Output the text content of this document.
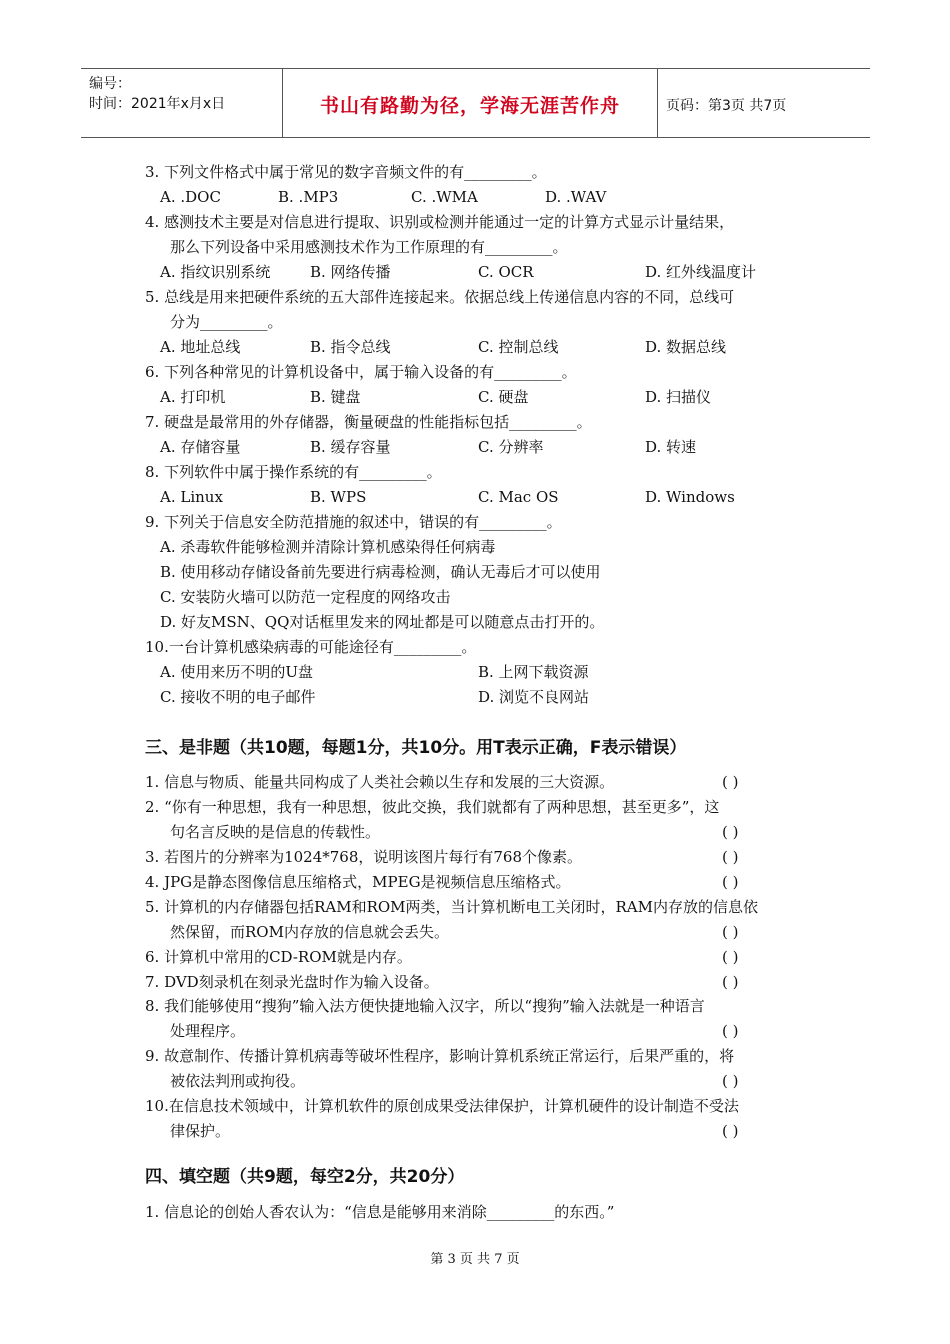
编号：
时间：2021年x月x日	书山有路勤为径，学海无涯苦作舟	页码：第3页 共7页
3. 下列文件格式中属于常见的数字音频文件的有_________。
A. .DOC	B. .MP3	C. .WMA	D. .WAV
4. 感测技术主要是对信息进行提取、识别或检测并能通过一定的计算方式显示计量结果，
那么下列设备中采用感测技术作为工作原理的有_________。
A. 指纹识别系统	B. 网络传播	C. OCR	D. 红外线温度计
5. 总线是用来把硬件系统的五大部件连接起来。依据总线上传递信息内容的不同，总线可
分为_________。
A. 地址总线	B. 指令总线	C. 控制总线	D. 数据总线
6. 下列各种常见的计算机设备中，属于输入设备的有_________。
A. 打印机	B. 键盘	C. 硬盘	D. 扫描仪
7. 硬盘是最常用的外存储器，衡量硬盘的性能指标包括_________。
A. 存储容量	B. 缓存容量	C. 分辨率	D. 转速
8. 下列软件中属于操作系统的有_________。
A. Linux	B. WPS	C. Mac OS	D. Windows
9. 下列关于信息安全防范措施的叙述中，错误的有_________。
A. 杀毒软件能够检测并清除计算机感染得任何病毒
B. 使用移动存储设备前先要进行病毒检测，确认无毒后才可以使用
C. 安装防火墙可以防范一定程度的网络攻击
D. 好友MSN、QQ对话框里发来的网址都是可以随意点击打开的。
10.一台计算机感染病毒的可能途径有_________。
A. 使用来历不明的U盘	B. 上网下载资源
C. 接收不明的电子邮件	D. 浏览不良网站
三、是非题（共10题，每题1分，共10分。用T表示正确，F表示错误）
1. 信息与物质、能量共同构成了人类社会赖以生存和发展的三大资源。	( )
2. “你有一种思想，我有一种思想，彼此交换，我们就都有了两种思想，甚至更多”，这
句名言反映的是信息的传载性。	( )
3. 若图片的分辨率为1024*768，说明该图片每行有768个像素。	( )
4. JPG是静态图像信息压缩格式，MPEG是视频信息压缩格式。	( )
5. 计算机的内存储器包括RAM和ROM两类，当计算机断电工关闭时，RAM内存放的信息依
然保留，而ROM内存放的信息就会丢失。	( )
6. 计算机中常用的CD-ROM就是内存。	( )
7. DVD刻录机在刻录光盘时作为输入设备。	( )
8. 我们能够使用“搜狗”输入法方便快捷地输入汉字，所以“搜狗”输入法就是一种语言
处理程序。	( )
9. 故意制作、传播计算机病毒等破坏性程序，影响计算机系统正常运行，后果严重的，将
被依法判刑或拘役。	( )
10.在信息技术领域中，计算机软件的原创成果受法律保护，计算机硬件的设计制造不受法
律保护。	( )
四、填空题（共9题，每空2分，共20分）
1. 信息论的创始人香农认为：“信息是能够用来消除_________的东西。”
第 3 页 共 7 页
